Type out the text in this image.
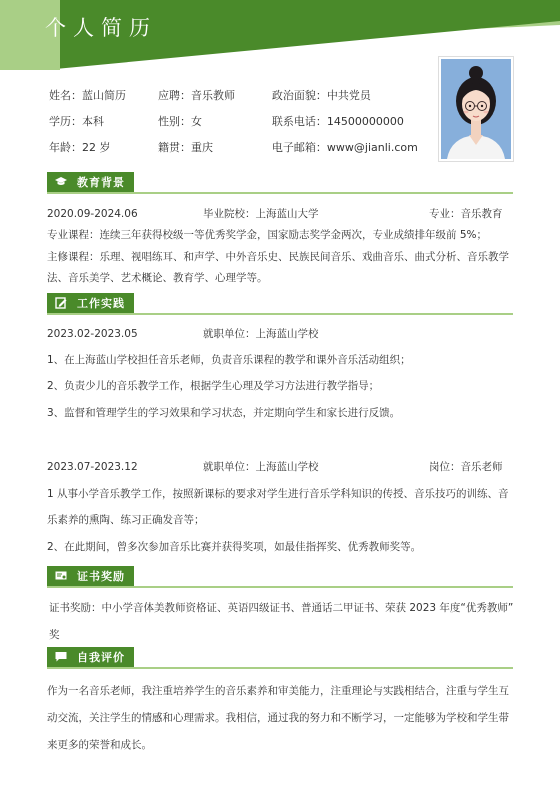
个人简历
姓名：蓝山简历	应聘：音乐教师	政治面貌：中共党员
学历：本科	性别：女	联系电话：14500000000
年龄：22 岁	籍贯：重庆	电子邮箱：www@jianli.com
教育背景
2020.09-2024.06	毕业院校：上海蓝山大学	专业：音乐教育
专业课程：连续三年获得校级一等优秀奖学金，国家励志奖学金两次，专业成绩排年级前 5%；
主修课程：乐理、视唱练耳、和声学、中外音乐史、民族民间音乐、戏曲音乐、曲式分析、音乐教学
法、音乐美学、艺术概论、教育学、心理学等。
工作实践
2023.02-2023.05	就职单位：上海蓝山学校
1、在上海蓝山学校担任音乐老师，负责音乐课程的教学和课外音乐活动组织；
2、负责少儿的音乐教学工作，根据学生心理及学习方法进行教学指导；
3、监督和管理学生的学习效果和学习状态，并定期向学生和家长进行反馈。
2023.07-2023.12	就职单位：上海蓝山学校	岗位：音乐老师
1 从事小学音乐教学工作，按照新课标的要求对学生进行音乐学科知识的传授、音乐技巧的训练、音
乐素养的熏陶、练习正确发音等；
2、在此期间，曾多次参加音乐比赛并获得奖项，如最佳指挥奖、优秀教师奖等。
证书奖励
证书奖励：中小学音体美教师资格证、英语四级证书、普通话二甲证书、荣获 2023 年度“优秀教师”
奖
自我评价
作为一名音乐老师，我注重培养学生的音乐素养和审美能力，注重理论与实践相结合，注重与学生互
动交流，关注学生的情感和心理需求。我相信，通过我的努力和不断学习，一定能够为学校和学生带
来更多的荣誉和成长。
